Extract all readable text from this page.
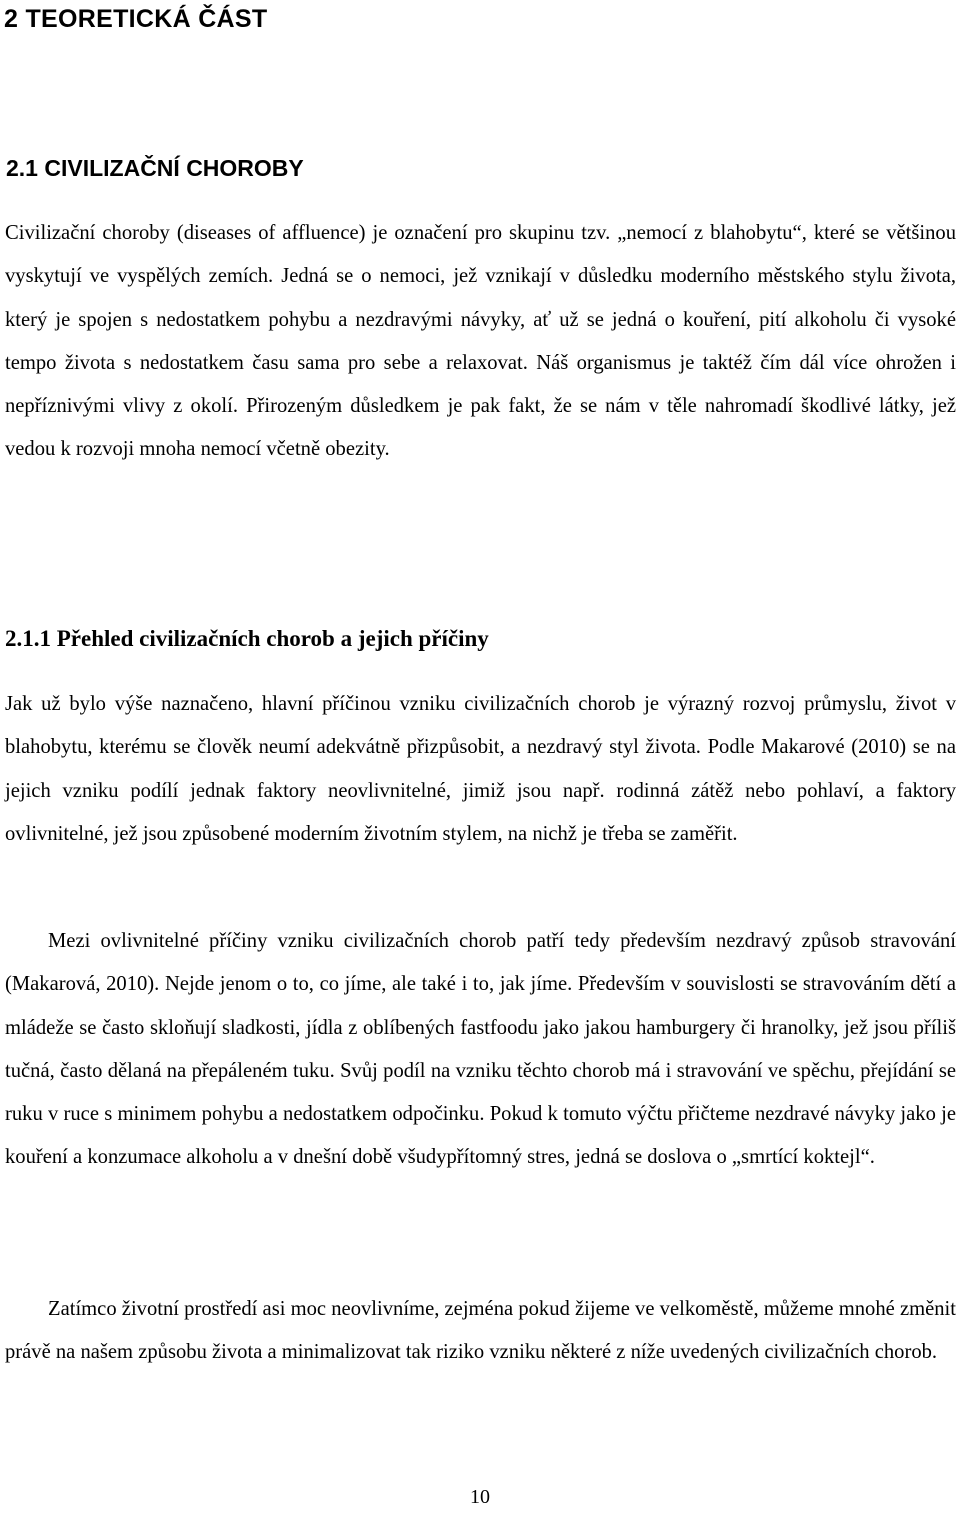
2 TEORETICKÁ ČÁST
2.1 CIVILIZAČNÍ CHOROBY

Civilizační choroby (diseases of affluence) je označení pro skupinu tzv. „nemocí z blahobytu“, které se většinou vyskytují ve vyspělých zemích. Jedná se o nemoci, jež vznikají v důsledku moderního městského stylu života, který je spojen s nedostatkem pohybu a nezdravými návyky, ať už se jedná o kouření, pití alkoholu či vysoké tempo života s nedostatkem času sama pro sebe a relaxovat. Náš organismus je taktéž čím dál více ohrožen i nepříznivými vlivy z okolí. Přirozeným důsledkem je pak fakt, že se nám v těle nahromadí škodlivé látky, jež vedou k rozvoji mnoha nemocí včetně obezity.

2.1.1 Přehled civilizačních chorob a jejich příčiny

Jak už bylo výše naznačeno, hlavní příčinou vzniku civilizačních chorob je výrazný rozvoj průmyslu, život v blahobytu, kterému se člověk neumí adekvátně přizpůsobit, a nezdravý styl života. Podle Makarové (2010) se na jejich vzniku podílí jednak faktory neovlivnitelné, jimiž jsou např. rodinná zátěž nebo pohlaví, a faktory ovlivnitelné, jež jsou způsobené moderním životním stylem, na nichž je třeba se zaměřit.

Mezi ovlivnitelné příčiny vzniku civilizačních chorob patří tedy především nezdravý způsob stravování (Makarová, 2010). Nejde jenom o to, co jíme, ale také i to, jak jíme. Především v souvislosti se stravováním dětí a mládeže se často skloňují sladkosti, jídla z oblíbených fastfoodu jako jakou hamburgery či hranolky, jež jsou příliš tučná, často dělaná na přepáleném tuku. Svůj podíl na vzniku těchto chorob má i stravování ve spěchu, přejídání se ruku v ruce s minimem pohybu a nedostatkem odpočinku. Pokud k tomuto výčtu přičteme nezdravé návyky jako je kouření a konzumace alkoholu a v dnešní době všudypřítomný stres, jedná se doslova o „smrtící koktejl“.

Zatímco životní prostředí asi moc neovlivníme, zejména pokud žijeme ve velkoměstě, můžeme mnohé změnit právě na našem způsobu života a minimalizovat tak riziko vzniku některé z níže uvedených civilizačních chorob.

10
